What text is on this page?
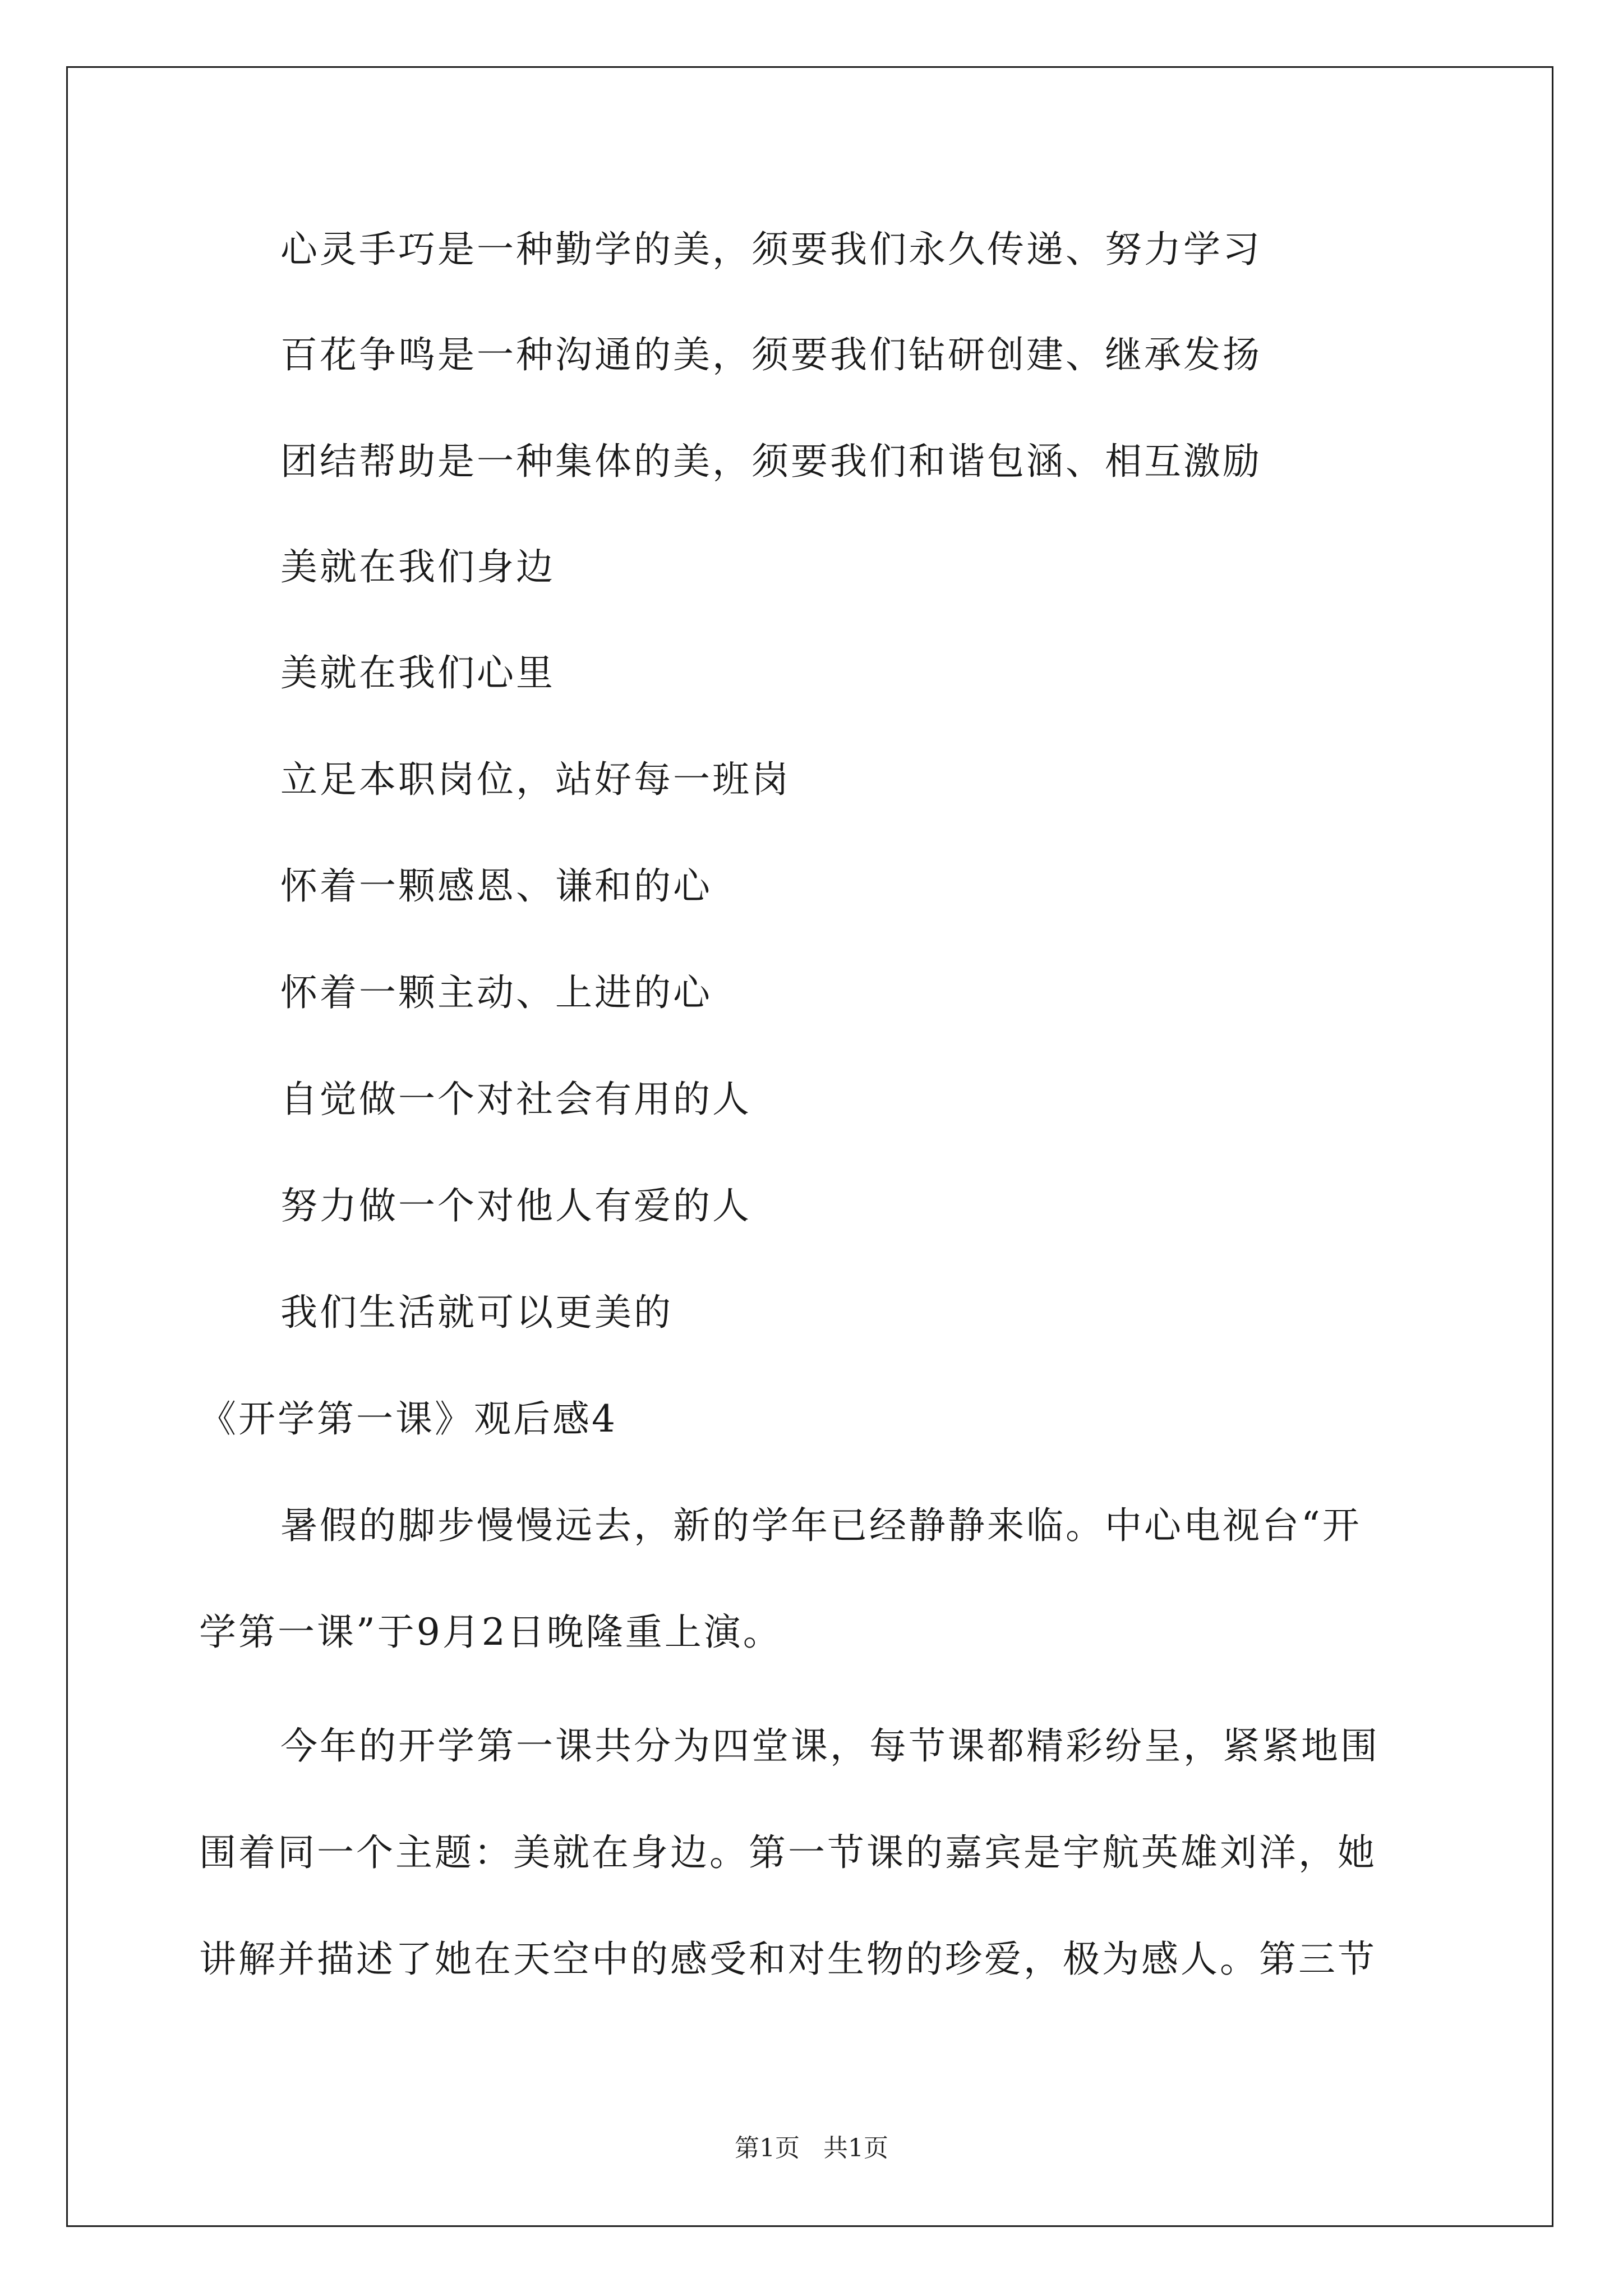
心灵手巧是一种勤学的美，须要我们永久传递、努力学习
百花争鸣是一种沟通的美，须要我们钻研创建、继承发扬
团结帮助是一种集体的美，须要我们和谐包涵、相互激励
美就在我们身边
美就在我们心里
立足本职岗位，站好每一班岗
怀着一颗感恩、谦和的心
怀着一颗主动、上进的心
自觉做一个对社会有用的人
努力做一个对他人有爱的人
我们生活就可以更美的
《开学第一课》观后感4
暑假的脚步慢慢远去，新的学年已经静静来临。中心电视台“开
学第一课”于9月2日晚隆重上演。
今年的开学第一课共分为四堂课，每节课都精彩纷呈，紧紧地围
围着同一个主题：美就在身边。第一节课的嘉宾是宇航英雄刘洋，她
讲解并描述了她在天空中的感受和对生物的珍爱，极为感人。第三节
第1页   共1页
